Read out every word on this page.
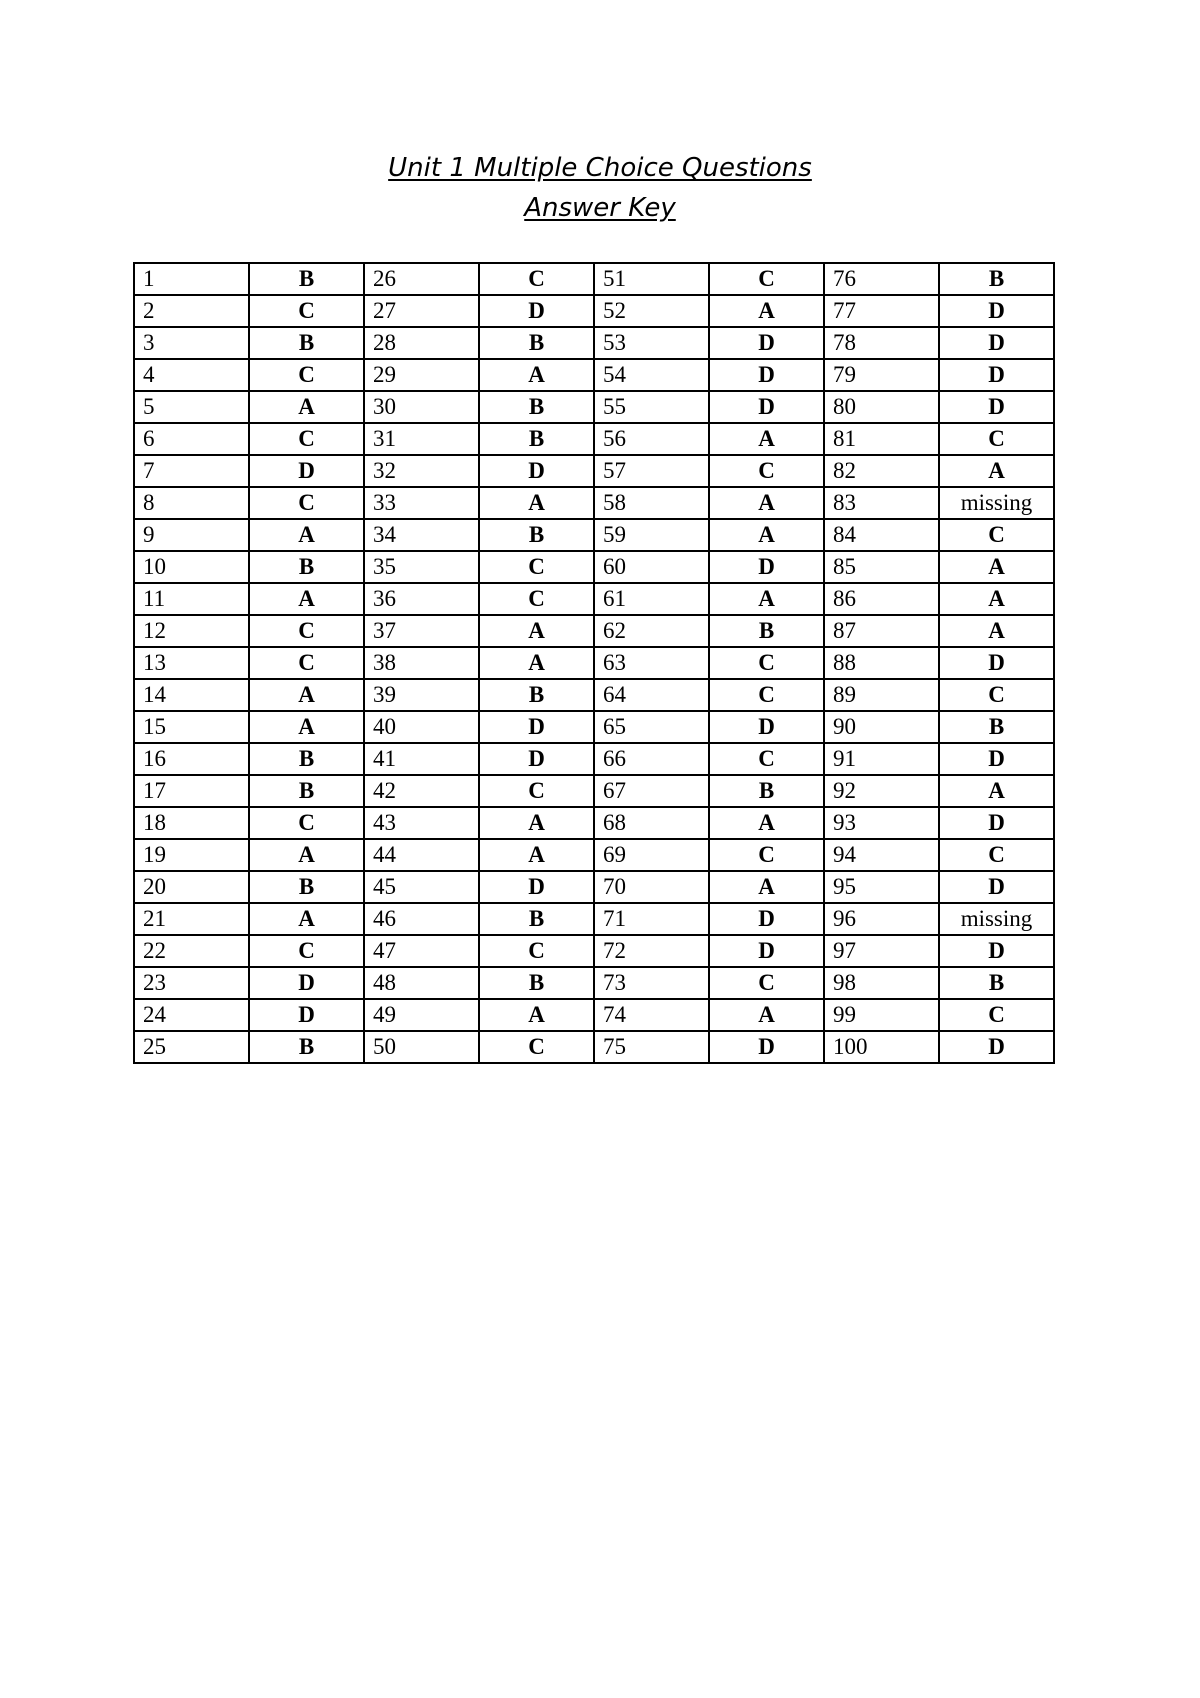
Unit 1 Multiple Choice Questions
Answer Key
1	B	26	C	51	C	76	B
2	C	27	D	52	A	77	D
3	B	28	B	53	D	78	D
4	C	29	A	54	D	79	D
5	A	30	B	55	D	80	D
6	C	31	B	56	A	81	C
7	D	32	D	57	C	82	A
8	C	33	A	58	A	83	missing
9	A	34	B	59	A	84	C
10	B	35	C	60	D	85	A
11	A	36	C	61	A	86	A
12	C	37	A	62	B	87	A
13	C	38	A	63	C	88	D
14	A	39	B	64	C	89	C
15	A	40	D	65	D	90	B
16	B	41	D	66	C	91	D
17	B	42	C	67	B	92	A
18	C	43	A	68	A	93	D
19	A	44	A	69	C	94	C
20	B	45	D	70	A	95	D
21	A	46	B	71	D	96	missing
22	C	47	C	72	D	97	D
23	D	48	B	73	C	98	B
24	D	49	A	74	A	99	C
25	B	50	C	75	D	100	D
